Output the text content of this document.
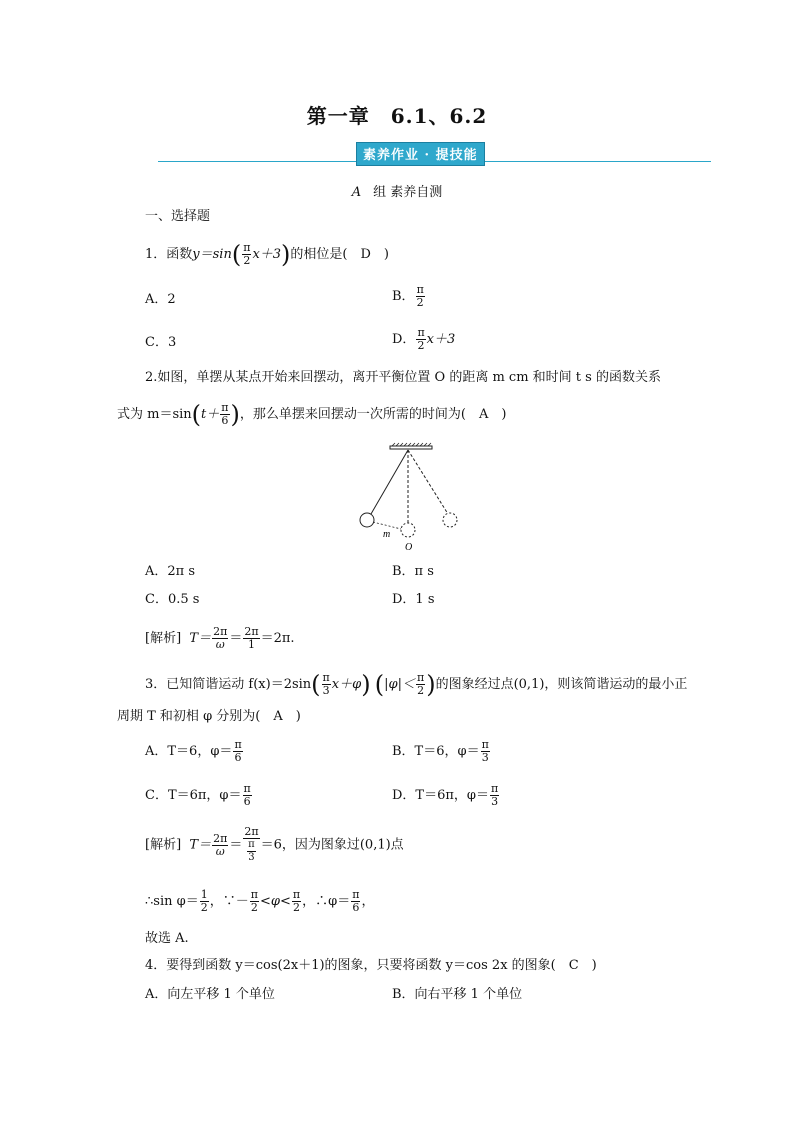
第一章　6.1、6.2
素养作业 · 提技能
A 组 素养自测
一、选择题
1．函数$y=\sin( \frac{\pi}{2} x+3)$的相位是(　D　)
A．2	B． $\frac{\pi}{2}$
C．3	D． $\frac{\pi}{2} x+3$
2.如图，单摆从某点开始来回摆动，离开平衡位置 O 的距离 m cm 和时间 t s 的函数关系
式为 $m=\sin(t+ \frac{\pi}{6}$ )，那么单摆来回摆动一次所需的时间为(　A　)
m
O
A．2π s	B．π s
C．0.5 s	D．1 s
[解析] $T= \frac{2\pi}{\omega} = \frac{2\pi}{1} =2\pi$.
3．已知简谐运动 $f(x)=2\sin( \frac{\pi}{3} x+\varphi)$ ($|\varphi|< \frac{\pi}{2}$ )的图象经过点(0,1)，则该简谐运动的最小正
周期 T 和初相 φ 分别为(　A　)
A．T＝6，$\varphi= \frac{\pi}{6}$	B．T＝6，$\varphi= \frac{\pi}{3}$
C．T＝6π，$\varphi= \frac{\pi}{6}$	D．T＝6π，$\varphi= \frac{\pi}{3}$
[解析] $T= \frac{2\pi}{\omega} = \frac{2\pi}{\frac{\pi}{3}} =6$，因为图象过(0,1)点
∴sin $\varphi= \frac{1}{2}$ ，∵－ $\frac{\pi}{2} <\varphi< \frac{\pi}{2}$ ，∴φ＝ $\frac{\pi}{6}$ ，
故选 A.
4．要得到函数 y＝cos(2x＋1)的图象，只要将函数 y＝cos 2x 的图象(　C　)
A．向左平移 1 个单位	B．向右平移 1 个单位
